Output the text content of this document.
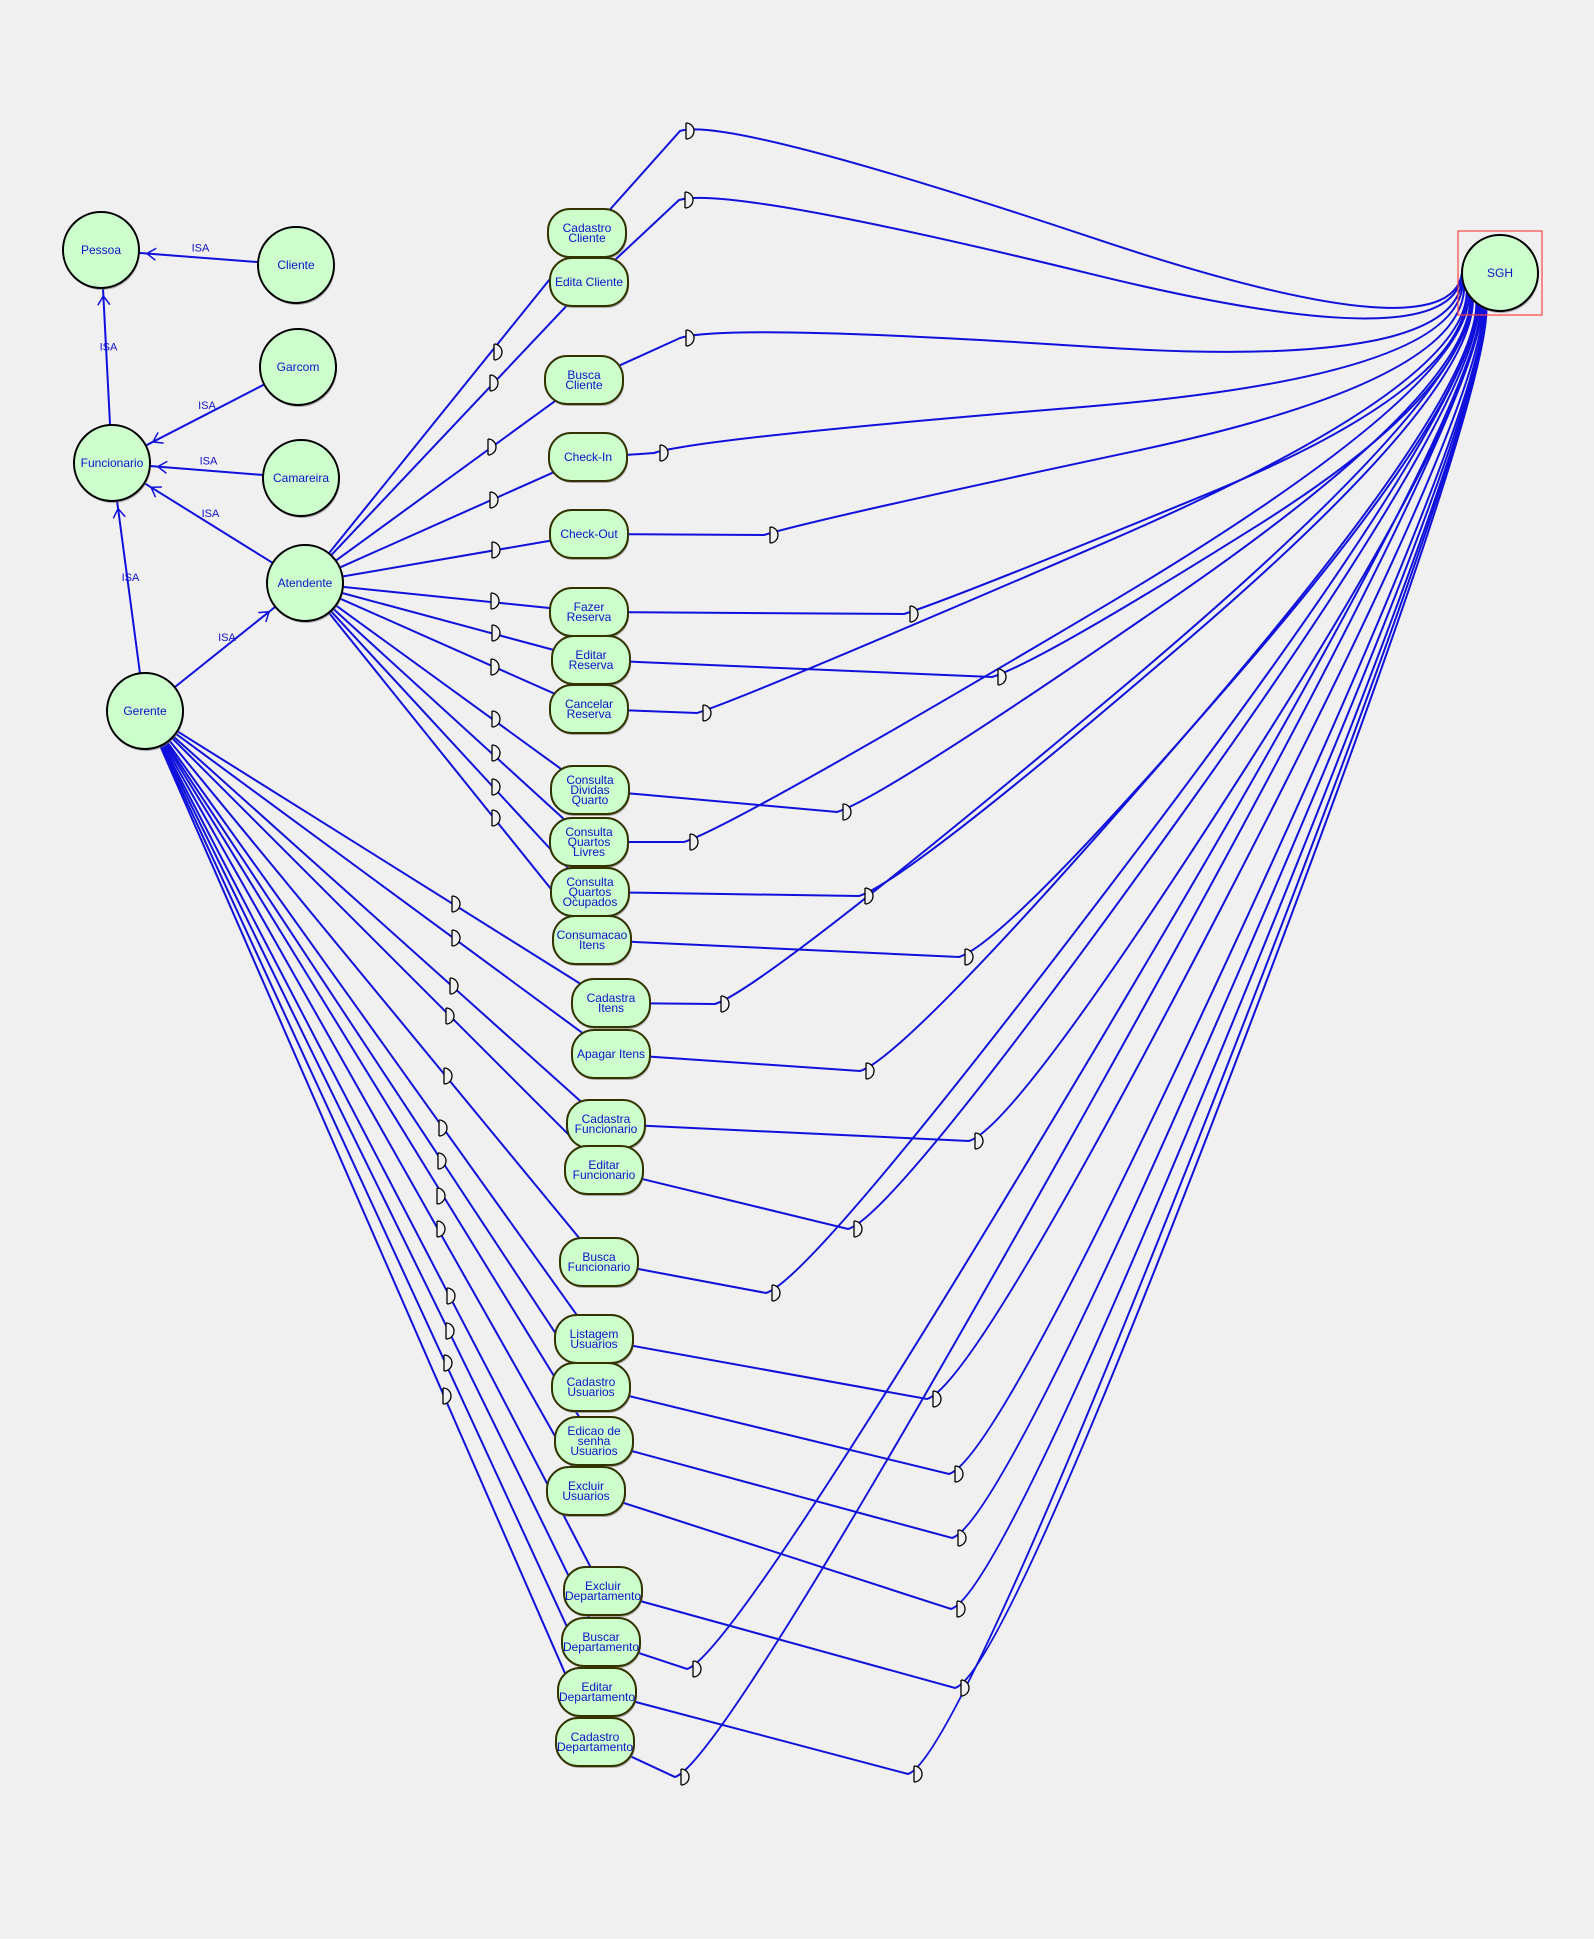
ISA
ISA
ISA
ISA
ISA
ISA
ISA
Pessoa
Cliente
Garcom
Funcionario
Camareira
Atendente
Gerente
SGH
Cadastro
Cliente
Edita Cliente
Busca
Cliente
Check-In
Check-Out
Fazer
Reserva
Editar
Reserva
Cancelar
Reserva
Consulta
Dividas
Quarto
Consulta
Quartos
Livres
Consulta
Quartos
Ocupados
Consumacao
Itens
Cadastra
Itens
Apagar Itens
Cadastra
Funcionario
Editar
Funcionario
Busca
Funcionario
Listagem
Usuarios
Cadastro
Usuarios
Edicao de
senha
Usuarios
Excluir
Usuarios
Excluir
Departamento
Buscar
Departamento
Editar
Departamento
Cadastro
Departamento
